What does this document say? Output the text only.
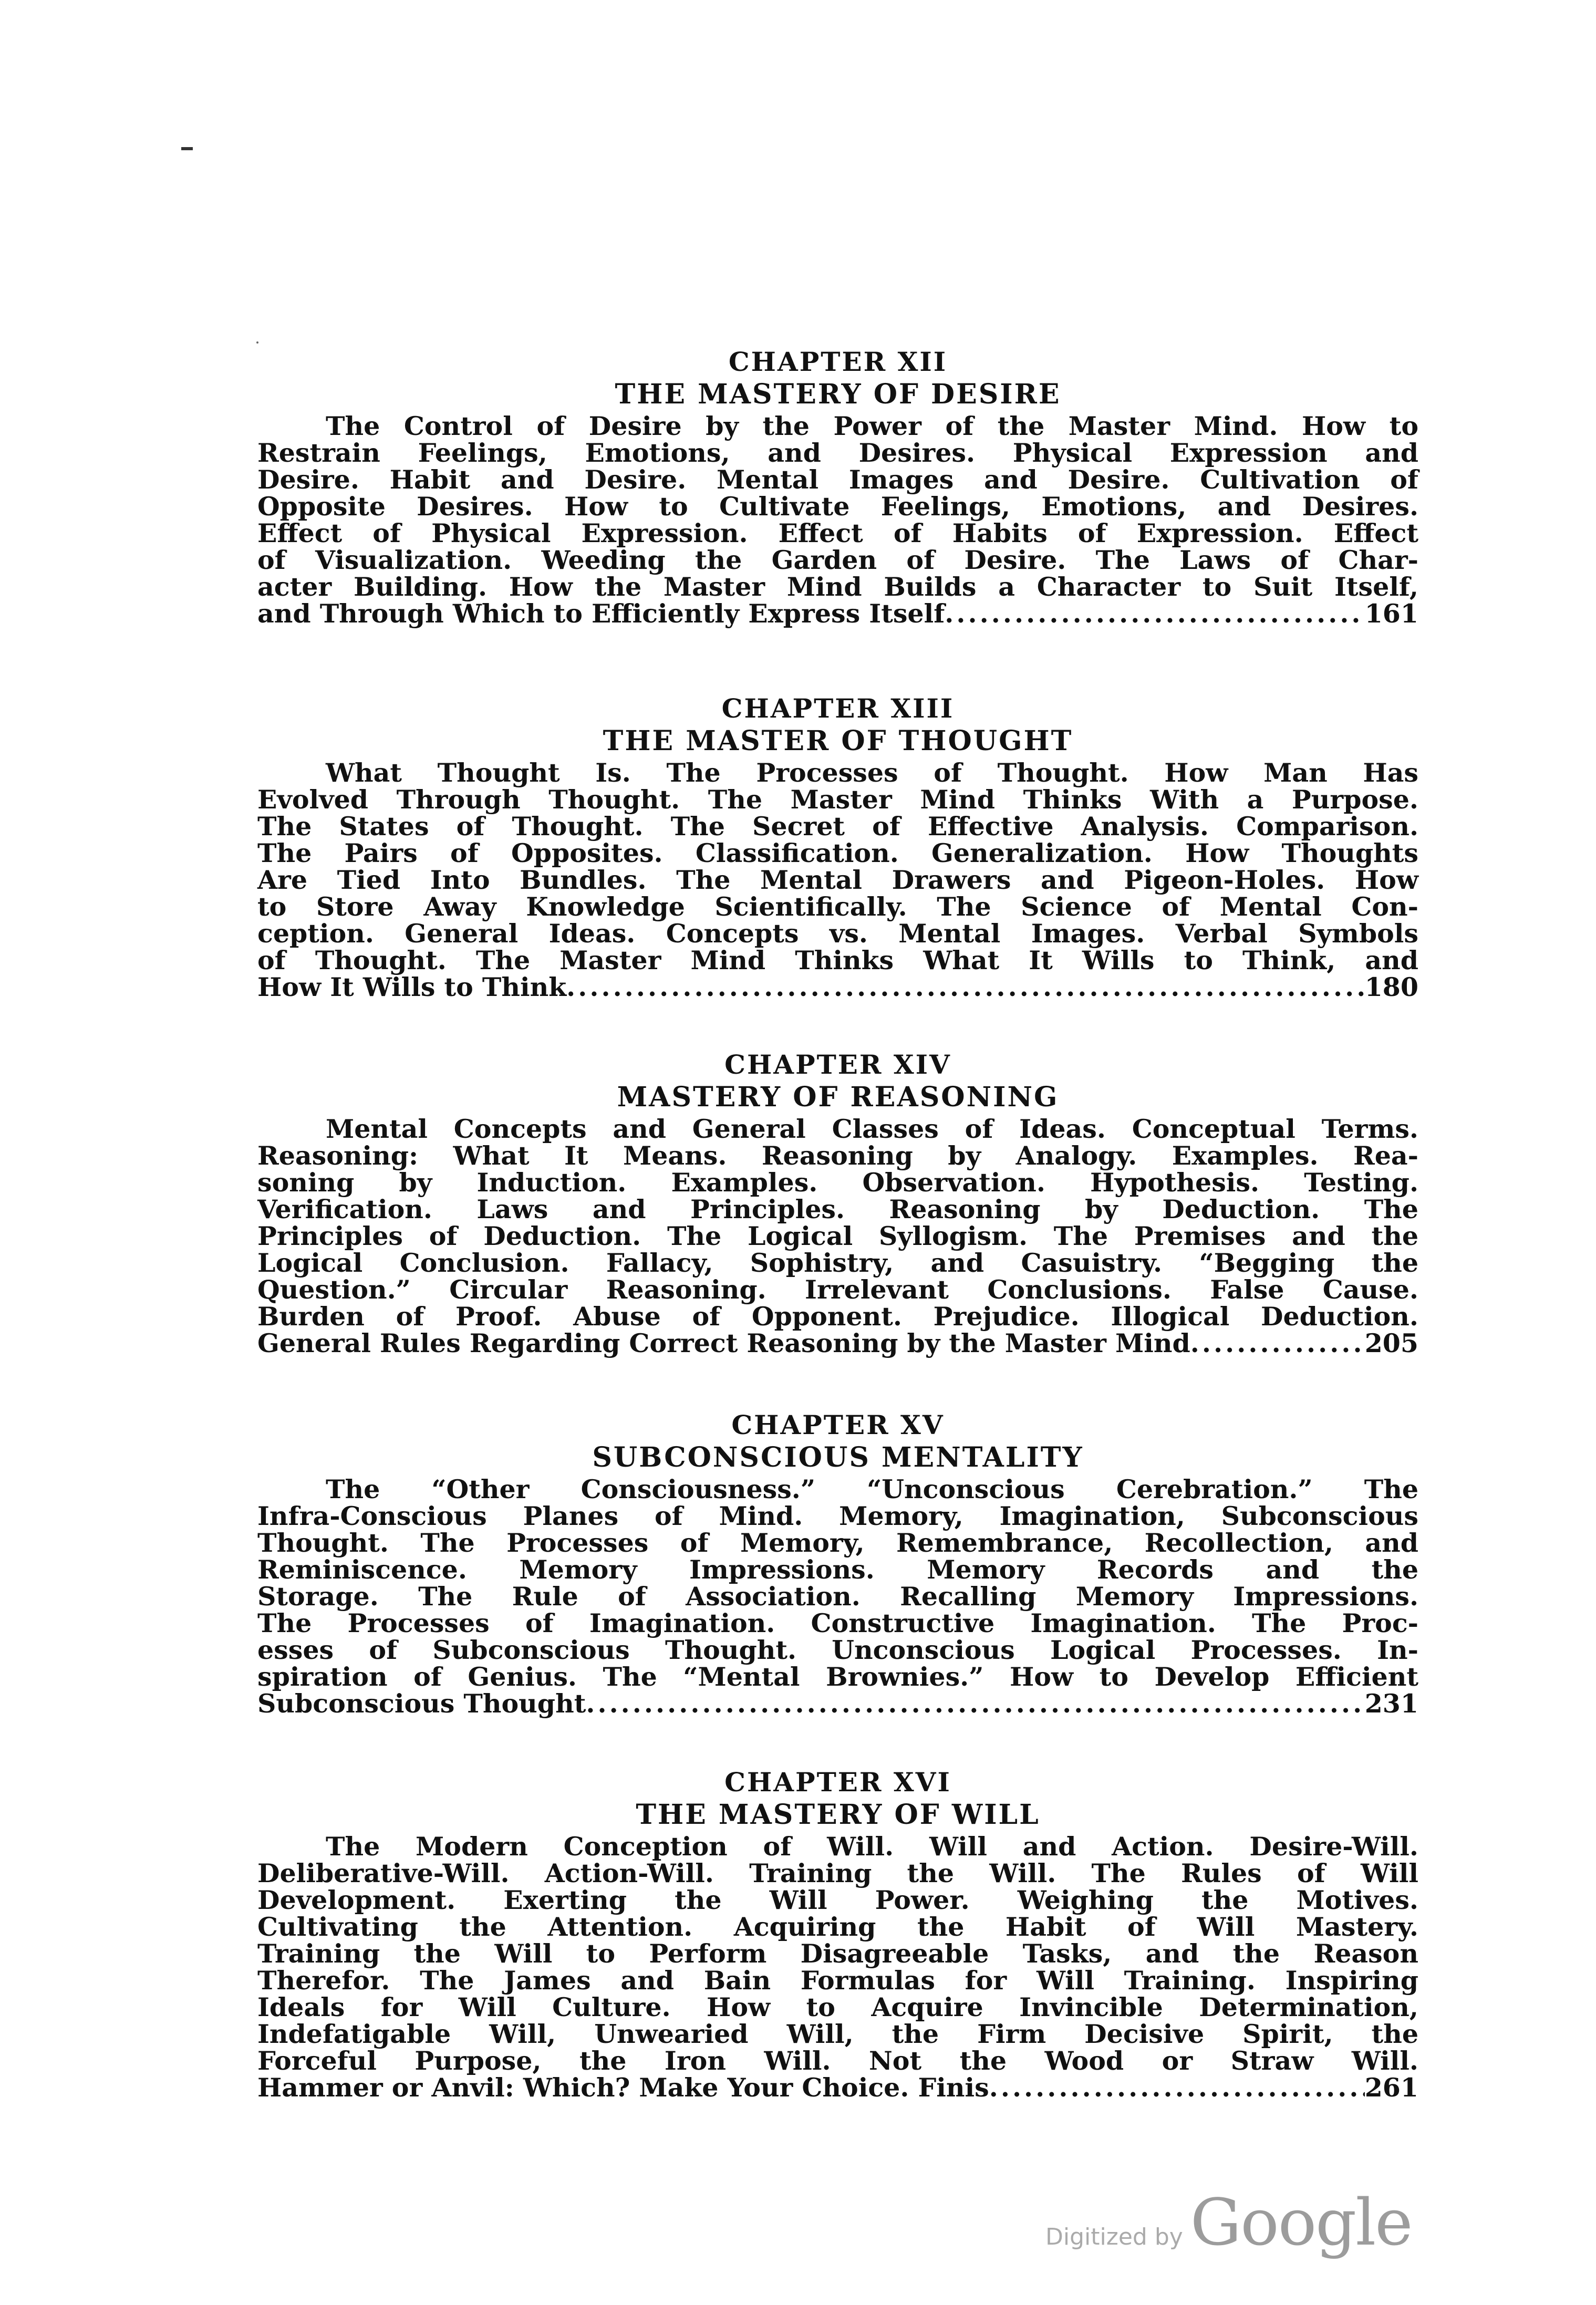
CHAPTER XII
THE MASTERY OF DESIRE

The Control of Desire by the Power of the Master Mind. How to

Restrain Feelings, Emotions, and Desires. Physical Expression and

Desire. Habit and Desire. Mental Images and Desire. Cultivation of

Opposite Desires. How to Cultivate Feelings, Emotions, and Desires.

Effect of Physical Expression. Effect of Habits of Expression. Effect

of Visualization. Weeding the Garden of Desire. The Laws of Char-

acter Building. How the Master Mind Builds a Character to Suit Itself,

and Through Which to Efficiently Express Itself . . .	161

CHAPTER XIII
THE MASTER OF THOUGHT

What Thought Is. The Processes of Thought. How Man Has

Evolved Through Thought. The Master Mind Thinks With a Purpose.

The States of Thought. The Secret of Effective Analysis. Comparison.

The Pairs of Opposites. Classification. Generalization. How Thoughts

Are Tied Into Bundles. The Mental Drawers and Pigeon-Holes. How

to Store Away Knowledge Scientifically. The Science of Mental Con-

ception. General Ideas. Concepts vs. Mental Images. Verbal Symbols

of Thought. The Master Mind Thinks What It Wills to Think, and

How It Wills to Think . . .	180

CHAPTER XIV
MASTERY OF REASONING

Mental Concepts and General Classes of Ideas. Conceptual Terms.

Reasoning: What It Means. Reasoning by Analogy. Examples. Rea-

soning by Induction. Examples. Observation. Hypothesis. Testing.

Verification. Laws and Principles. Reasoning by Deduction. The

Principles of Deduction. The Logical Syllogism. The Premises and the

Logical Conclusion. Fallacy, Sophistry, and Casuistry. “Begging the

Question.” Circular Reasoning. Irrelevant Conclusions. False Cause.

Burden of Proof. Abuse of Opponent. Prejudice. Illogical Deduction.

General Rules Regarding Correct Reasoning by the Master Mind . . .	205

CHAPTER XV
SUBCONSCIOUS MENTALITY

The “Other Consciousness.” “Unconscious Cerebration.” The

Infra-Conscious Planes of Mind. Memory, Imagination, Subconscious

Thought. The Processes of Memory, Remembrance, Recollection, and

Reminiscence. Memory Impressions. Memory Records and the

Storage. The Rule of Association. Recalling Memory Impressions.

The Processes of Imagination. Constructive Imagination. The Proc-

esses of Subconscious Thought. Unconscious Logical Processes. In-

spiration of Genius. The “Mental Brownies.” How to Develop Efficient

Subconscious Thought . . .	231

CHAPTER XVI
THE MASTERY OF WILL

The Modern Conception of Will. Will and Action. Desire-Will.

Deliberative-Will. Action-Will. Training the Will. The Rules of Will

Development. Exerting the Will Power. Weighing the Motives.

Cultivating the Attention. Acquiring the Habit of Will Mastery.

Training the Will to Perform Disagreeable Tasks, and the Reason

Therefor. The James and Bain Formulas for Will Training. Inspiring

Ideals for Will Culture. How to Acquire Invincible Determination,

Indefatigable Will, Unwearied Will, the Firm Decisive Spirit, the

Forceful Purpose, the Iron Will. Not the Wood or Straw Will.

Hammer or Anvil: Which? Make Your Choice. Finis . . .	261

Digitized by Google
